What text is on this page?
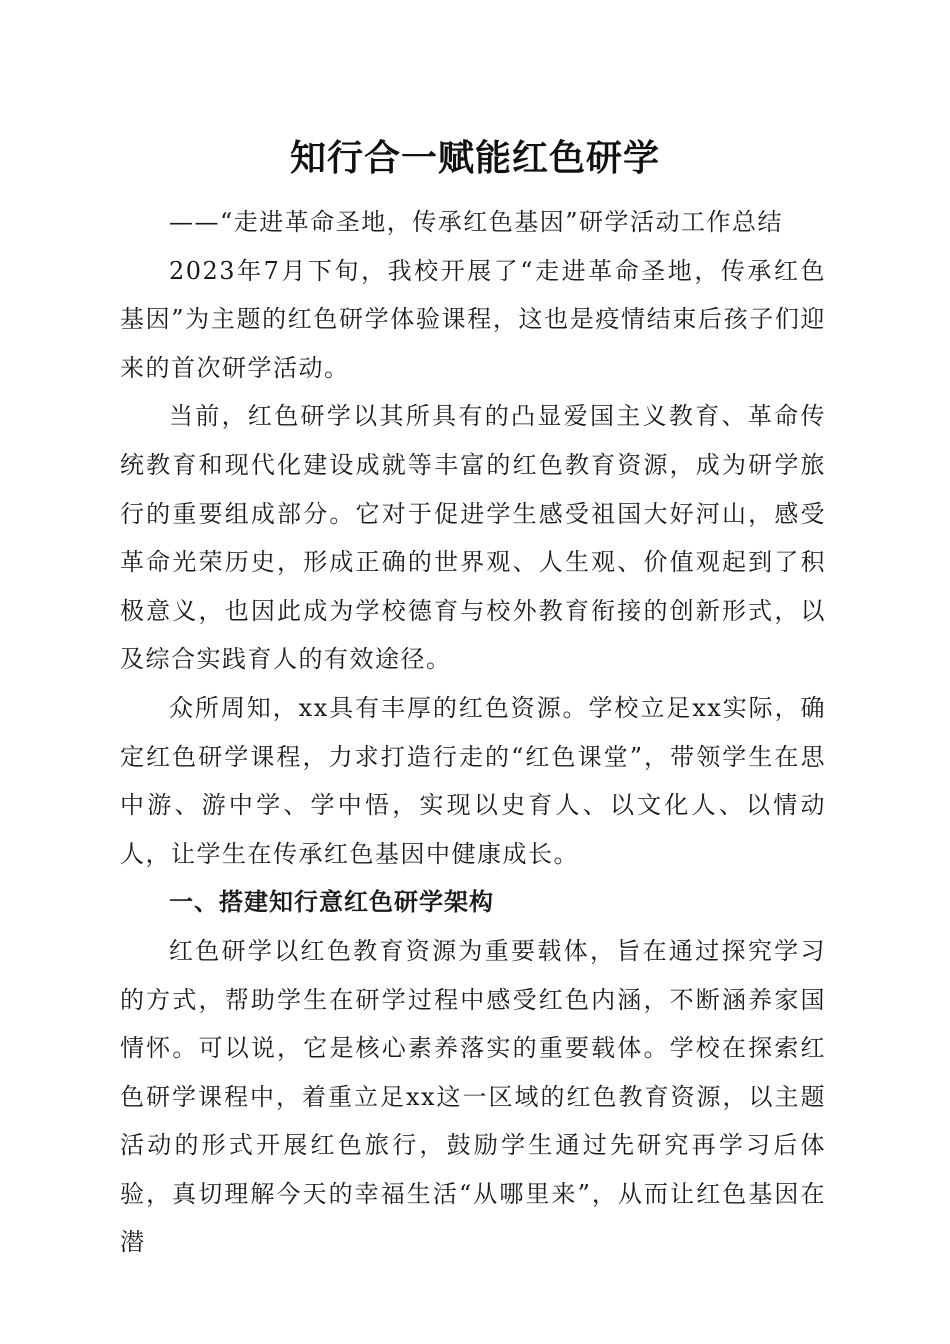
知行合一赋能红色研学

——“走进革命圣地，传承红色基因”研学活动工作总结

2023年7月下旬，我校开展了“走进革命圣地，传承红色基因”为主题的红色研学体验课程，这也是疫情结束后孩子们迎来的首次研学活动。

当前，红色研学以其所具有的凸显爱国主义教育、革命传统教育和现代化建设成就等丰富的红色教育资源，成为研学旅行的重要组成部分。它对于促进学生感受祖国大好河山，感受革命光荣历史，形成正确的世界观、人生观、价值观起到了积极意义，也因此成为学校德育与校外教育衔接的创新形式，以及综合实践育人的有效途径。

众所周知，xx具有丰厚的红色资源。学校立足xx实际，确定红色研学课程，力求打造行走的“红色课堂”，带领学生在思中游、游中学、学中悟，实现以史育人、以文化人、以情动人，让学生在传承红色基因中健康成长。

一、搭建知行意红色研学架构

红色研学以红色教育资源为重要载体，旨在通过探究学习的方式，帮助学生在研学过程中感受红色内涵，不断涵养家国情怀。可以说，它是核心素养落实的重要载体。学校在探索红色研学课程中，着重立足xx这一区域的红色教育资源，以主题活动的形式开展红色旅行，鼓励学生通过先研究再学习后体验，真切理解今天的幸福生活“从哪里来”，从而让红色基因在潜
